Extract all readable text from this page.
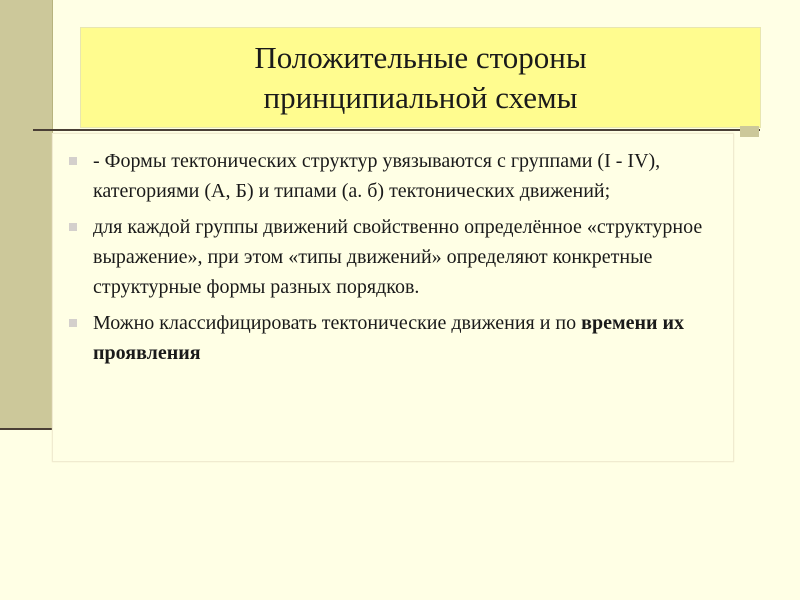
Положительные стороны
принципиальной схемы
- Формы тектонических структур увязываются с группами (I - IV), категориями (А, Б) и типами (а. б) тектонических движений;
для каждой группы движений свойственно определённое «структурное выражение», при этом «типы движений» определяют конкретные структурные формы разных порядков.
Можно классифицировать тектонические движения и по времени их проявления
